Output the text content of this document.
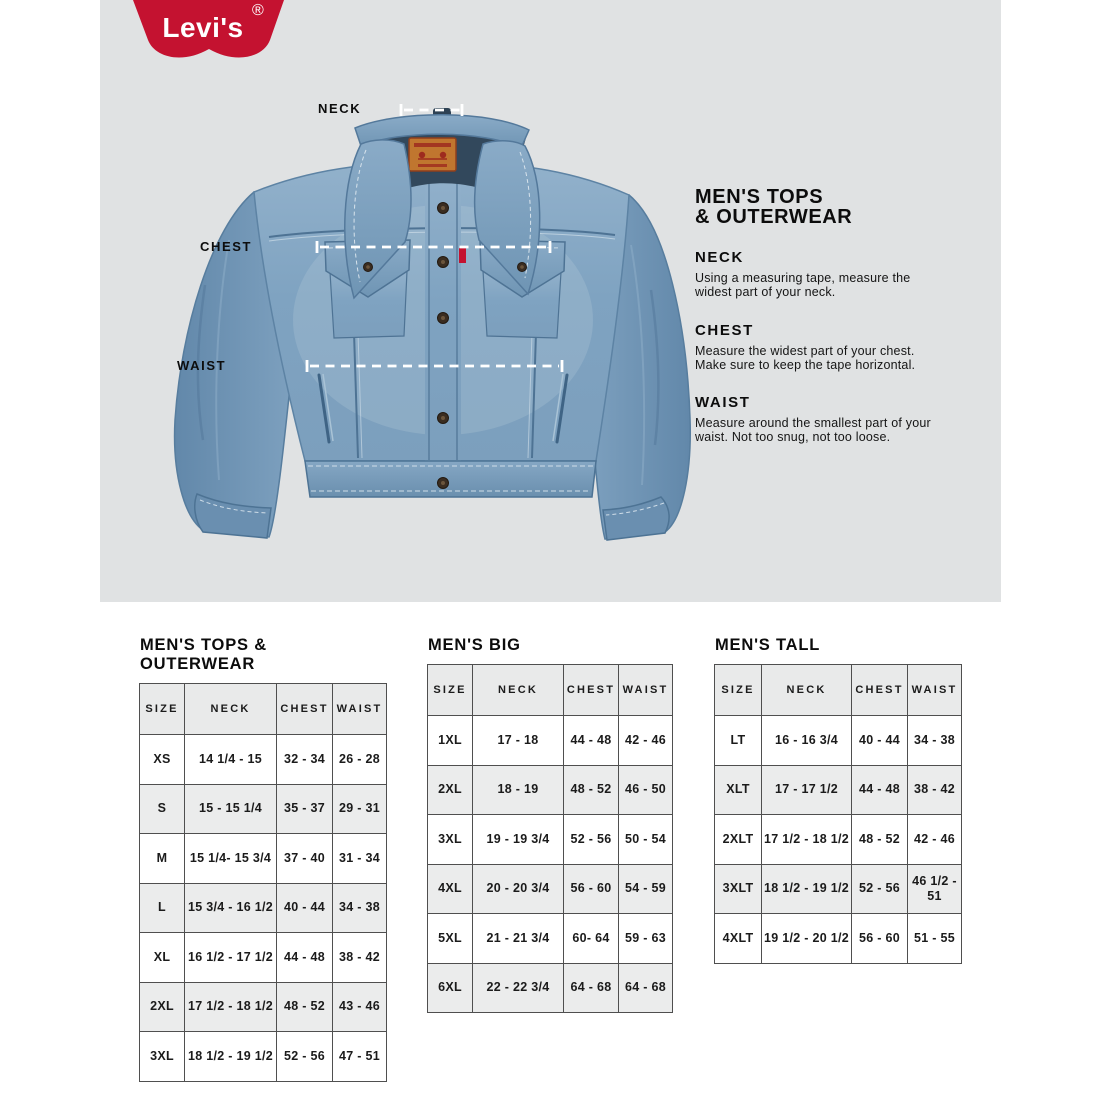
Levi's
®
NECK
CHEST
WAIST
MEN'S TOPS
& OUTERWEAR
NECK

Using a measuring tape, measure the
widest part of your neck.

CHEST

Measure the widest part of your chest.
Make sure to keep the tape horizontal.

WAIST

Measure around the smallest part of your
waist. Not too snug, not too loose.

MEN'S TOPS & OUTERWEAR
SIZE	NECK	CHEST	WAIST
XS	14 1/4 - 15	32 - 34	26 - 28
S	15 - 15 1/4	35 - 37	29 - 31
M	15 1/4- 15 3/4	37 - 40	31 - 34
L	15 3/4 - 16 1/2	40 - 44	34 - 38
XL	16 1/2 - 17 1/2	44 - 48	38 - 42
2XL	17 1/2 - 18 1/2	48 - 52	43 - 46
3XL	18 1/2 - 19 1/2	52 - 56	47 - 51
MEN'S BIG
SIZE	NECK	CHEST	WAIST
1XL	17 - 18	44 - 48	42 - 46
2XL	18 - 19	48 - 52	46 - 50
3XL	19 - 19 3/4	52 - 56	50 - 54
4XL	20 - 20 3/4	56 - 60	54 - 59
5XL	21 - 21 3/4	60- 64	59 - 63
6XL	22 - 22 3/4	64 - 68	64 - 68
MEN'S TALL
SIZE	NECK	CHEST	WAIST
LT	16 - 16 3/4	40 - 44	34 - 38
XLT	17 - 17 1/2	44 - 48	38 - 42
2XLT	17 1/2 - 18 1/2	48 - 52	42 - 46
3XLT	18 1/2 - 19 1/2	52 - 56	46 1/2 - 51
4XLT	19 1/2 - 20 1/2	56 - 60	51 - 55
